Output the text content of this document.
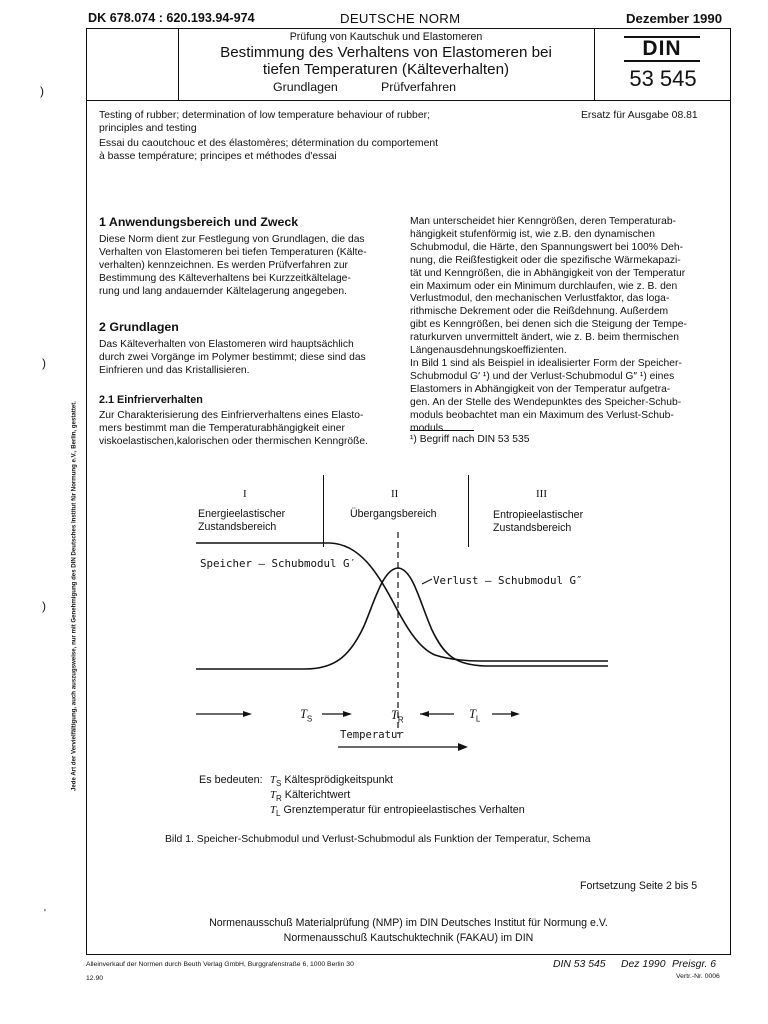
DK 678.074 : 620.193.94-974	DEUTSCHE NORM	Dezember 1990
Prüfung von Kautschuk und Elastomeren
Bestimmung des Verhaltens von Elastomeren bei
tiefen Temperaturen (Kälteverhalten)
Grundlagen	Prüfverfahren
DIN
53 545
Testing of rubber; determination of low temperature behaviour of rubber;
principles and testing
Essai du caoutchouc et des élastomères; détermination du comportement
à basse température; principes et méthodes d'essai
Ersatz für Ausgabe 08.81
Jede Art der Vervielfältigung, auch auszugsweise, nur mit Genehmigung des DIN Deutsches Institut für Normung e.V., Berlin, gestattet.
)
)
)
'
1 Anwendungsbereich und Zweck
Diese Norm dient zur Festlegung von Grundlagen, die das
Verhalten von Elastomeren bei tiefen Temperaturen (Kälte-
verhalten) kennzeichnen. Es werden Prüfverfahren zur
Bestimmung des Kälteverhaltens bei Kurzzeitkältelage-
rung und lang andauernder Kältelagerung angegeben.
2 Grundlagen
Das Kälteverhalten von Elastomeren wird hauptsächlich
durch zwei Vorgänge im Polymer bestimmt; diese sind das
Einfrieren und das Kristallisieren.
2.1 Einfrierverhalten
Zur Charakterisierung des Einfrierverhaltens eines Elasto-
mers bestimmt man die Temperaturabhängigkeit einer
viskoelastischen,kalorischen oder thermischen Kenngröße.
Man unterscheidet hier Kenngrößen, deren Temperaturab-
hängigkeit stufenförmig ist, wie z.B. den dynamischen
Schubmodul, die Härte, den Spannungswert bei 100% Deh-
nung, die Reißfestigkeit oder die spezifische Wärmekapazi-
tät und Kenngrößen, die in Abhängigkeit von der Temperatur
ein Maximum oder ein Minimum durchlaufen, wie z. B. den
Verlustmodul, den mechanischen Verlustfaktor, das loga-
rithmische Dekrement oder die Reißdehnung. Außerdem
gibt es Kenngrößen, bei denen sich die Steigung der Tempe-
raturkurven unvermittelt ändert, wie z. B. beim thermischen
Längenausdehnungskoeffizienten.
In Bild 1 sind als Beispiel in idealisierter Form der Speicher-
Schubmodul G′ ¹) und der Verlust-Schubmodul G″ ¹) eines
Elastomers in Abhängigkeit von der Temperatur aufgetra-
gen. An der Stelle des Wendepunktes des Speicher-Schub-
moduls beobachtet man ein Maximum des Verlust-Schub-
moduls.
¹) Begriff nach DIN 53 535
I	II	III
Energieelastischer
Zustandsbereich
Übergangsbereich	Entropieelastischer
Zustandsbereich
Speicher – Schubmodul G′
Verlust – Schubmodul G″
$T_S$	$T_R$	$T_L$
Temperatur
Es bedeuten: $T_S$ Kältesprödigkeitspunkt
$T_R$ Kälterichtwert
$T_L$ Grenztemperatur für entropieelastisches Verhalten
Bild 1. Speicher-Schubmodul und Verlust-Schubmodul als Funktion der Temperatur, Schema
Fortsetzung Seite 2 bis 5
Normenausschuß Materialprüfung (NMP) im DIN Deutsches Institut für Normung e.V.
Normenausschuß Kautschuktechnik (FAKAU) im DIN
Alleinverkauf der Normen durch Beuth Verlag GmbH, Burggrafenstraße 6, 1000 Berlin 30
12.90
DIN 53 545 Dez 1990 Preisgr. 6
Vertr.-Nr. 0006
